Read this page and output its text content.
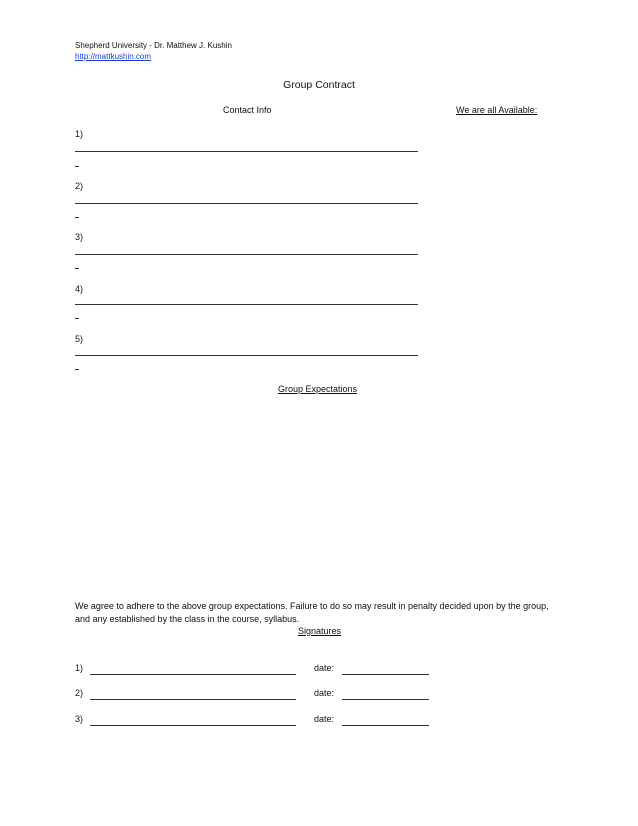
Shepherd University - Dr. Matthew J. Kushin
http://mattkushin.com
Group Contract
Contact Info	We are all Available:
1)
2)
3)
4)
5)
Group Expectations
We agree to adhere to the above group expectations. Failure to do so may result in penalty decided upon by the group, and any established by the class in the course, syllabus.
Signatures
1)	date:
2)	date:
3)	date:
